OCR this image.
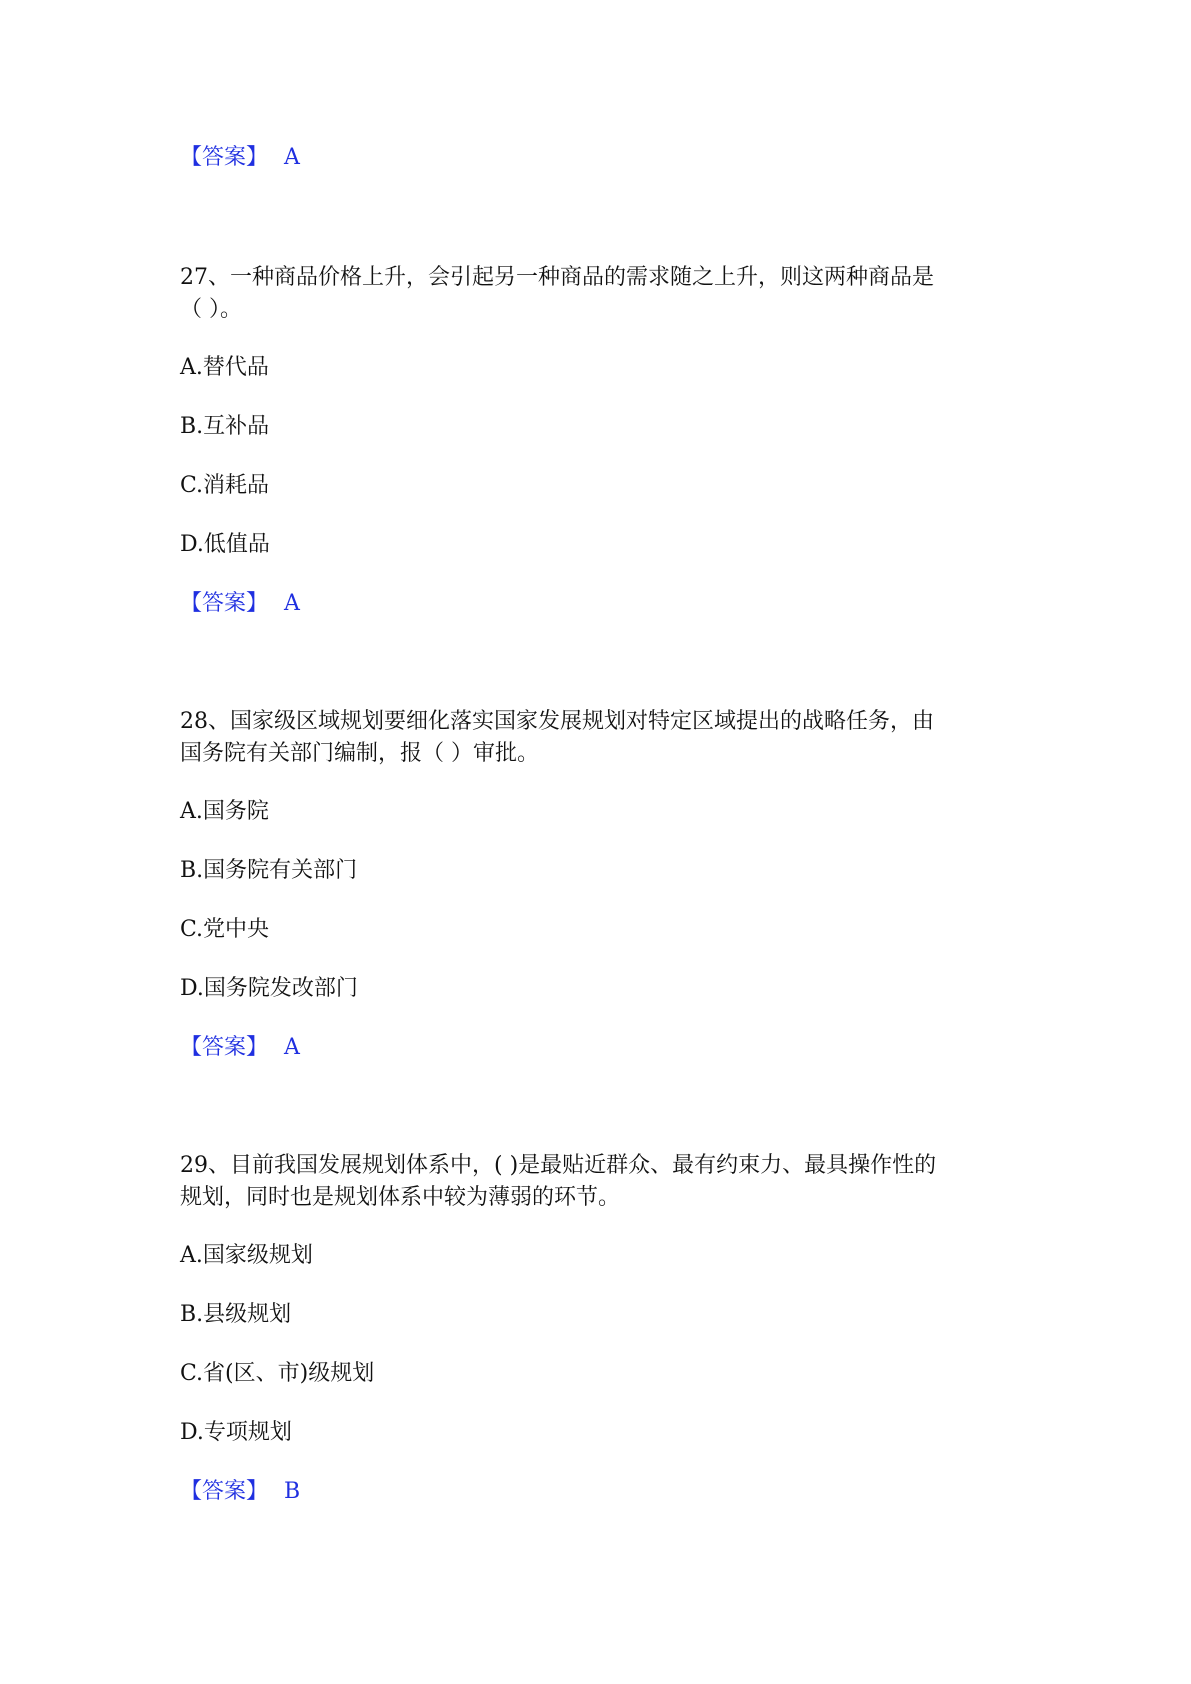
【答案】 A
27、一种商品价格上升，会引起另一种商品的需求随之上升，则这两种商品是
（ ）。
A.替代品
B.互补品
C.消耗品
D.低值品
【答案】 A
28、国家级区域规划要细化落实国家发展规划对特定区域提出的战略任务，由
国务院有关部门编制，报（ ）审批。
A.国务院
B.国务院有关部门
C.党中央
D.国务院发改部门
【答案】 A
29、目前我国发展规划体系中，( )是最贴近群众、最有约束力、最具操作性的
规划，同时也是规划体系中较为薄弱的环节。
A.国家级规划
B.县级规划
C.省(区、市)级规划
D.专项规划
【答案】 B
